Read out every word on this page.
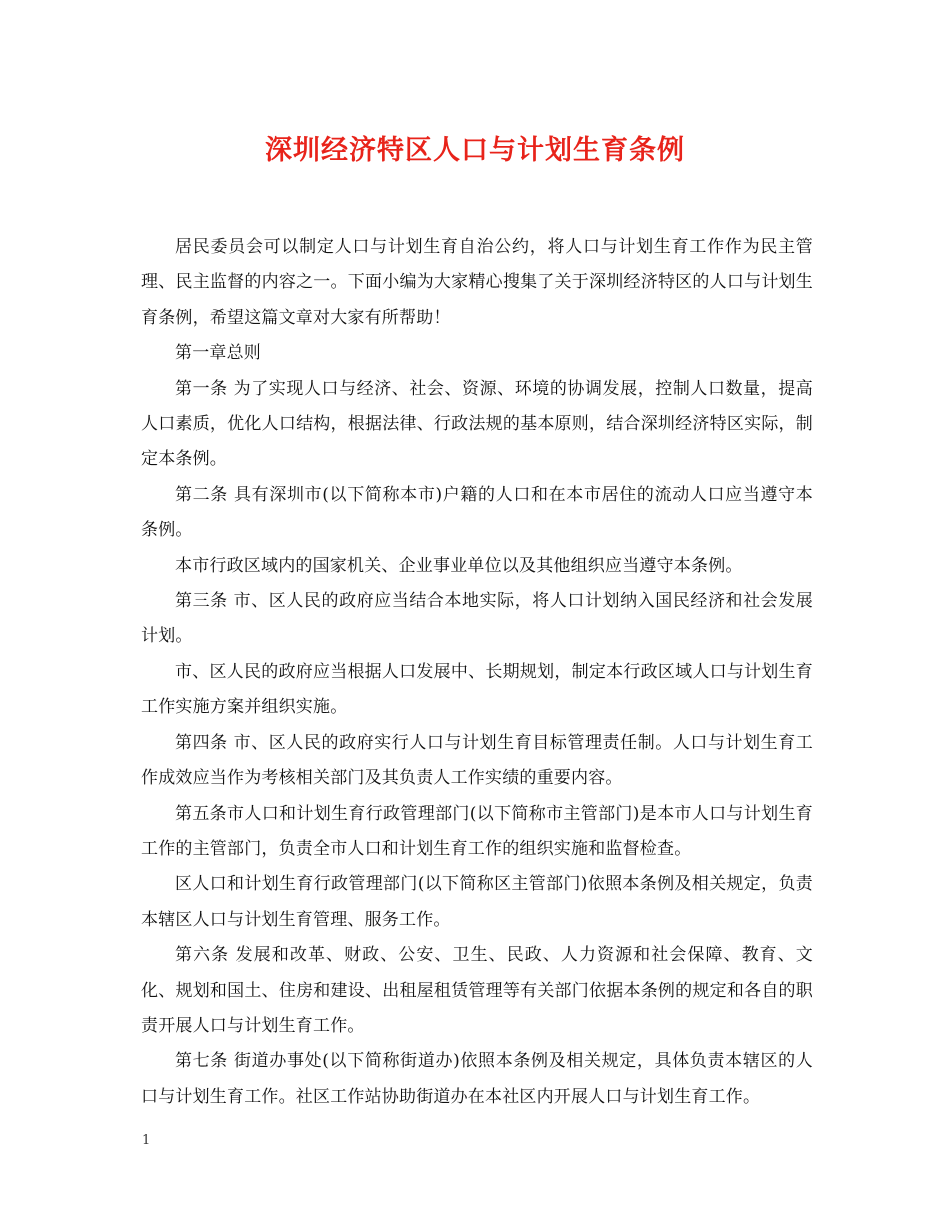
深圳经济特区人口与计划生育条例

居民委员会可以制定人口与计划生育自治公约，将人口与计划生育工作作为民主管理、民主监督的内容之一。下面小编为大家精心搜集了关于深圳经济特区的人口与计划生育条例，希望这篇文章对大家有所帮助！

第一章总则

第一条 为了实现人口与经济、社会、资源、环境的协调发展，控制人口数量，提高人口素质，优化人口结构，根据法律、行政法规的基本原则，结合深圳经济特区实际，制定本条例。

第二条 具有深圳市(以下简称本市)户籍的人口和在本市居住的流动人口应当遵守本条例。

本市行政区域内的国家机关、企业事业单位以及其他组织应当遵守本条例。

第三条 市、区人民的政府应当结合本地实际，将人口计划纳入国民经济和社会发展计划。

市、区人民的政府应当根据人口发展中、长期规划，制定本行政区域人口与计划生育工作实施方案并组织实施。

第四条 市、区人民的政府实行人口与计划生育目标管理责任制。人口与计划生育工作成效应当作为考核相关部门及其负责人工作实绩的重要内容。

第五条市人口和计划生育行政管理部门(以下简称市主管部门)是本市人口与计划生育工作的主管部门，负责全市人口和计划生育工作的组织实施和监督检查。

区人口和计划生育行政管理部门(以下简称区主管部门)依照本条例及相关规定，负责本辖区人口与计划生育管理、服务工作。

第六条 发展和改革、财政、公安、卫生、民政、人力资源和社会保障、教育、文化、规划和国土、住房和建设、出租屋租赁管理等有关部门依据本条例的规定和各自的职责开展人口与计划生育工作。

第七条 街道办事处(以下简称街道办)依照本条例及相关规定，具体负责本辖区的人口与计划生育工作。社区工作站协助街道办在本社区内开展人口与计划生育工作。

1
